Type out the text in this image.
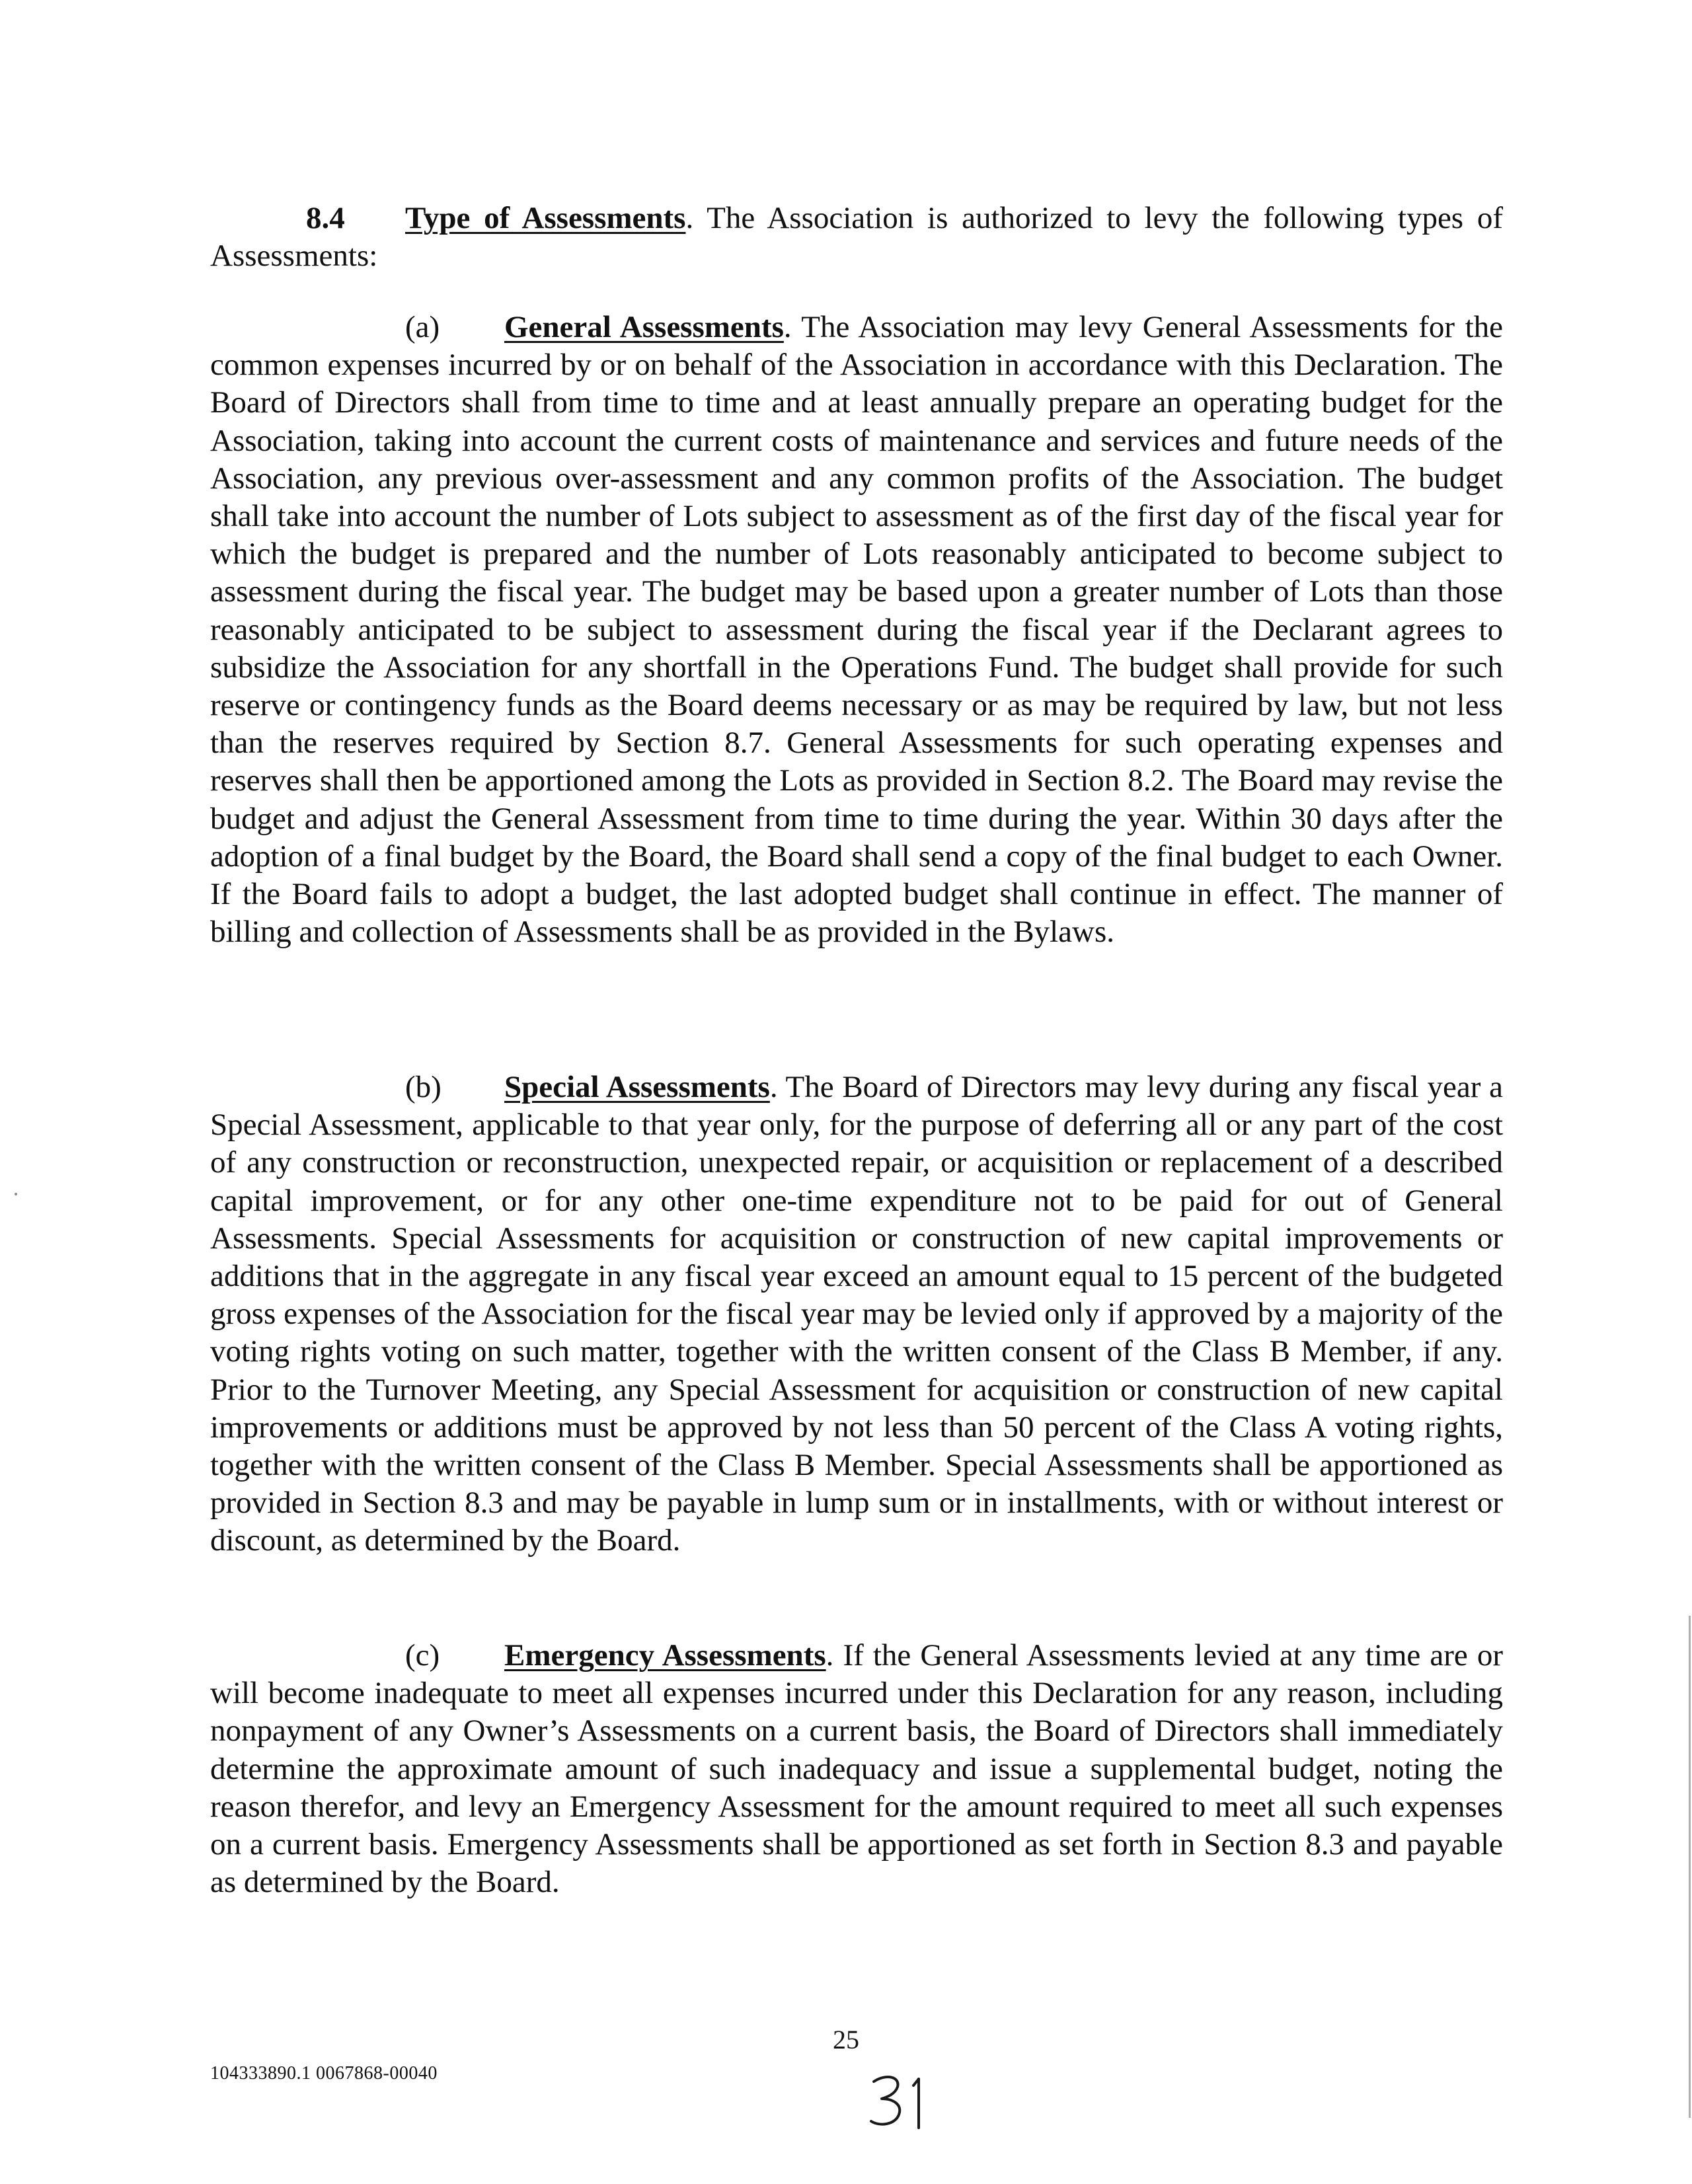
8.4 Type of Assessments. The Association is authorized to levy the following types of Assessments:

(a) General Assessments. The Association may levy General Assessments for the common expenses incurred by or on behalf of the Association in accordance with this Declaration. The Board of Directors shall from time to time and at least annually prepare an operating budget for the Association, taking into account the current costs of maintenance and services and future needs of the Association, any previous over-assessment and any common profits of the Association. The budget shall take into account the number of Lots subject to assessment as of the first day of the fiscal year for which the budget is prepared and the number of Lots reasonably anticipated to become subject to assessment during the fiscal year. The budget may be based upon a greater number of Lots than those reasonably anticipated to be subject to assessment during the fiscal year if the Declarant agrees to subsidize the Association for any shortfall in the Operations Fund. The budget shall provide for such reserve or contingency funds as the Board deems necessary or as may be required by law, but not less than the reserves required by Section 8.7. General Assessments for such operating expenses and reserves shall then be apportioned among the Lots as provided in Section 8.2. The Board may revise the budget and adjust the General Assessment from time to time during the year. Within 30 days after the adoption of a final budget by the Board, the Board shall send a copy of the final budget to each Owner. If the Board fails to adopt a budget, the last adopted budget shall continue in effect. The manner of billing and collection of Assessments shall be as provided in the Bylaws.

(b) Special Assessments. The Board of Directors may levy during any fiscal year a Special Assessment, applicable to that year only, for the purpose of deferring all or any part of the cost of any construction or reconstruction, unexpected repair, or acquisition or replacement of a described capital improvement, or for any other one-time expenditure not to be paid for out of General Assessments. Special Assessments for acquisition or construction of new capital improvements or additions that in the aggregate in any fiscal year exceed an amount equal to 15 percent of the budgeted gross expenses of the Association for the fiscal year may be levied only if approved by a majority of the voting rights voting on such matter, together with the written consent of the Class B Member, if any. Prior to the Turnover Meeting, any Special Assessment for acquisition or construction of new capital improvements or additions must be approved by not less than 50 percent of the Class A voting rights, together with the written consent of the Class B Member. Special Assessments shall be apportioned as provided in Section 8.3 and may be payable in lump sum or in installments, with or without interest or discount, as determined by the Board.

(c) Emergency Assessments. If the General Assessments levied at any time are or will become inadequate to meet all expenses incurred under this Declaration for any reason, including nonpayment of any Owner’s Assessments on a current basis, the Board of Directors shall immediately determine the approximate amount of such inadequacy and issue a supplemental budget, noting the reason therefor, and levy an Emergency Assessment for the amount required to meet all such expenses on a current basis. Emergency Assessments shall be apportioned as set forth in Section 8.3 and payable as determined by the Board.

25
104333890.1 0067868-00040
